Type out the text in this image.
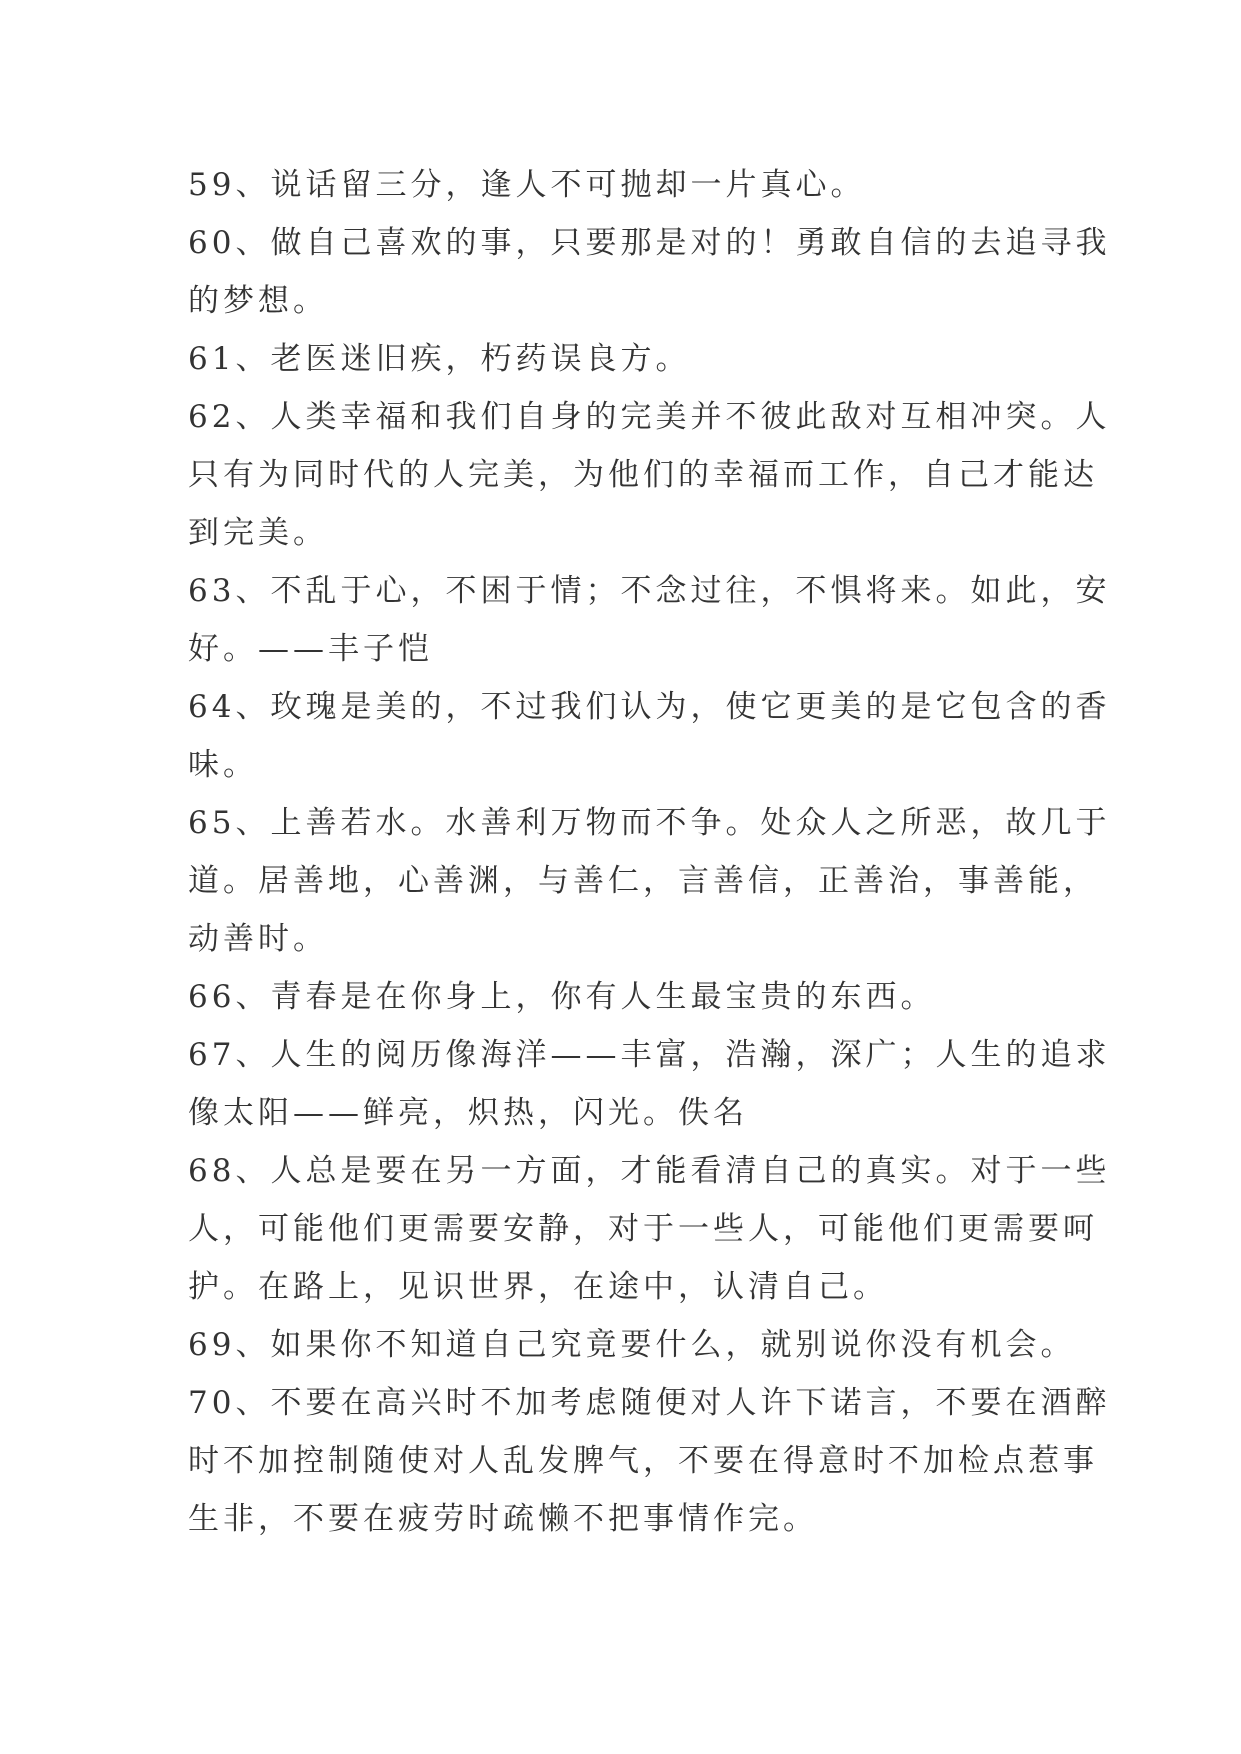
59、说话留三分，逢人不可抛却一片真心。

60、做自己喜欢的事，只要那是对的！勇敢自信的去追寻我
的梦想。

61、老医迷旧疾，朽药误良方。

62、人类幸福和我们自身的完美并不彼此敌对互相冲突。人
只有为同时代的人完美，为他们的幸福而工作，自己才能达
到完美。

63、不乱于心，不困于情；不念过往，不惧将来。如此，安
好。——丰子恺

64、玫瑰是美的，不过我们认为，使它更美的是它包含的香
味。

65、上善若水。水善利万物而不争。处众人之所恶，故几于
道。居善地，心善渊，与善仁，言善信，正善治，事善能，
动善时。

66、青春是在你身上，你有人生最宝贵的东西。

67、人生的阅历像海洋——丰富，浩瀚，深广；人生的追求
像太阳——鲜亮，炽热，闪光。佚名

68、人总是要在另一方面，才能看清自己的真实。对于一些
人，可能他们更需要安静，对于一些人，可能他们更需要呵
护。在路上，见识世界，在途中，认清自己。

69、如果你不知道自己究竟要什么，就别说你没有机会。

70、不要在高兴时不加考虑随便对人许下诺言，不要在酒醉
时不加控制随使对人乱发脾气，不要在得意时不加检点惹事
生非，不要在疲劳时疏懒不把事情作完。
